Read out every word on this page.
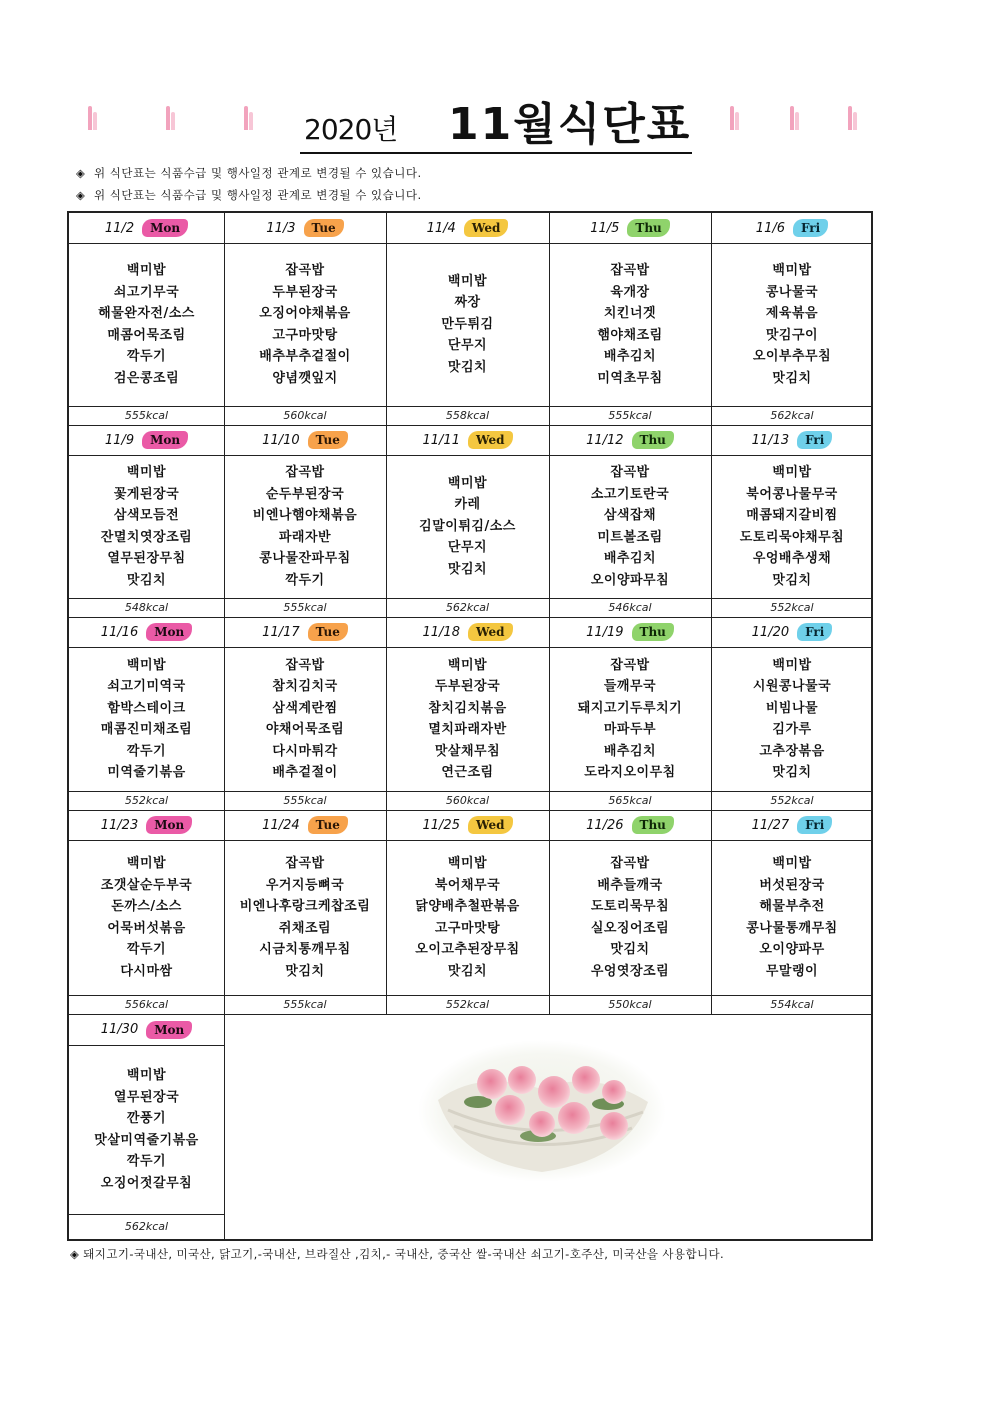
2020년 11월식단표
◈ 위 식단표는 식품수급 및 행사일정 관계로 변경될 수 있습니다.
◈ 위 식단표는 식품수급 및 행사일정 관계로 변경될 수 있습니다.
11/2	Mon
백미밥
쇠고기무국
해물완자전/소스
매콤어묵조림
깍두기
검은콩조림
555kcal
11/3	Tue
잡곡밥
두부된장국
오징어야채볶음
고구마맛탕
배추부추겉절이
양념깻잎지
560kcal
11/4	Wed
백미밥
짜장
만두튀김
단무지
맛김치
558kcal
11/5	Thu
잡곡밥
육개장
치킨너겟
햄야채조림
배추김치
미역초무침
555kcal
11/6	Fri
백미밥
콩나물국
제육볶음
맛김구이
오이부추무침
맛김치
562kcal
11/9	Mon
백미밥
꽃게된장국
삼색모듬전
잔멸치엿장조림
열무된장무침
맛김치
548kcal
11/10	Tue
잡곡밥
순두부된장국
비엔나햄야채볶음
파래자반
콩나물잔파무침
깍두기
555kcal
11/11	Wed
백미밥
카레
김말이튀김/소스
단무지
맛김치
562kcal
11/12	Thu
잡곡밥
소고기토란국
삼색잡채
미트볼조림
배추김치
오이양파무침
546kcal
11/13	Fri
백미밥
북어콩나물무국
매콤돼지갈비찜
도토리묵야채무침
우엉배추생채
맛김치
552kcal
11/16	Mon
백미밥
쇠고기미역국
함박스테이크
매콤진미채조림
깍두기
미역줄기볶음
552kcal
11/17	Tue
잡곡밥
참치김치국
삼색계란찜
야채어묵조림
다시마튀각
배추겉절이
555kcal
11/18	Wed
백미밥
두부된장국
참치김치볶음
멸치파래자반
맛살채무침
연근조림
560kcal
11/19	Thu
잡곡밥
들깨무국
돼지고기두루치기
마파두부
배추김치
도라지오이무침
565kcal
11/20	Fri
백미밥
시원콩나물국
비빔나물
김가루
고추장볶음
맛김치
552kcal
11/23	Mon
백미밥
조갯살순두부국
돈까스/소스
어묵버섯볶음
깍두기
다시마쌈
556kcal
11/24	Tue
잡곡밥
우거지등뼈국
비엔나후랑크케찹조림
쥐채조림
시금치통깨무침
맛김치
555kcal
11/25	Wed
백미밥
북어채무국
닭양배추철판볶음
고구마맛탕
오이고추된장무침
맛김치
552kcal
11/26	Thu
잡곡밥
배추들깨국
도토리묵무침
실오징어조림
맛김치
우엉엿장조림
550kcal
11/27	Fri
백미밥
버섯된장국
해물부추전
콩나물통깨무침
오이양파무
무말랭이
554kcal
11/30	Mon
백미밥
열무된장국
깐풍기
맛살미역줄기볶음
깍두기
오징어젓갈무침
562kcal
◈ 돼지고기-국내산, 미국산, 닭고기,-국내산, 브라질산 ,김치,- 국내산, 중국산 쌀-국내산 쇠고기-호주산, 미국산을 사용합니다.
